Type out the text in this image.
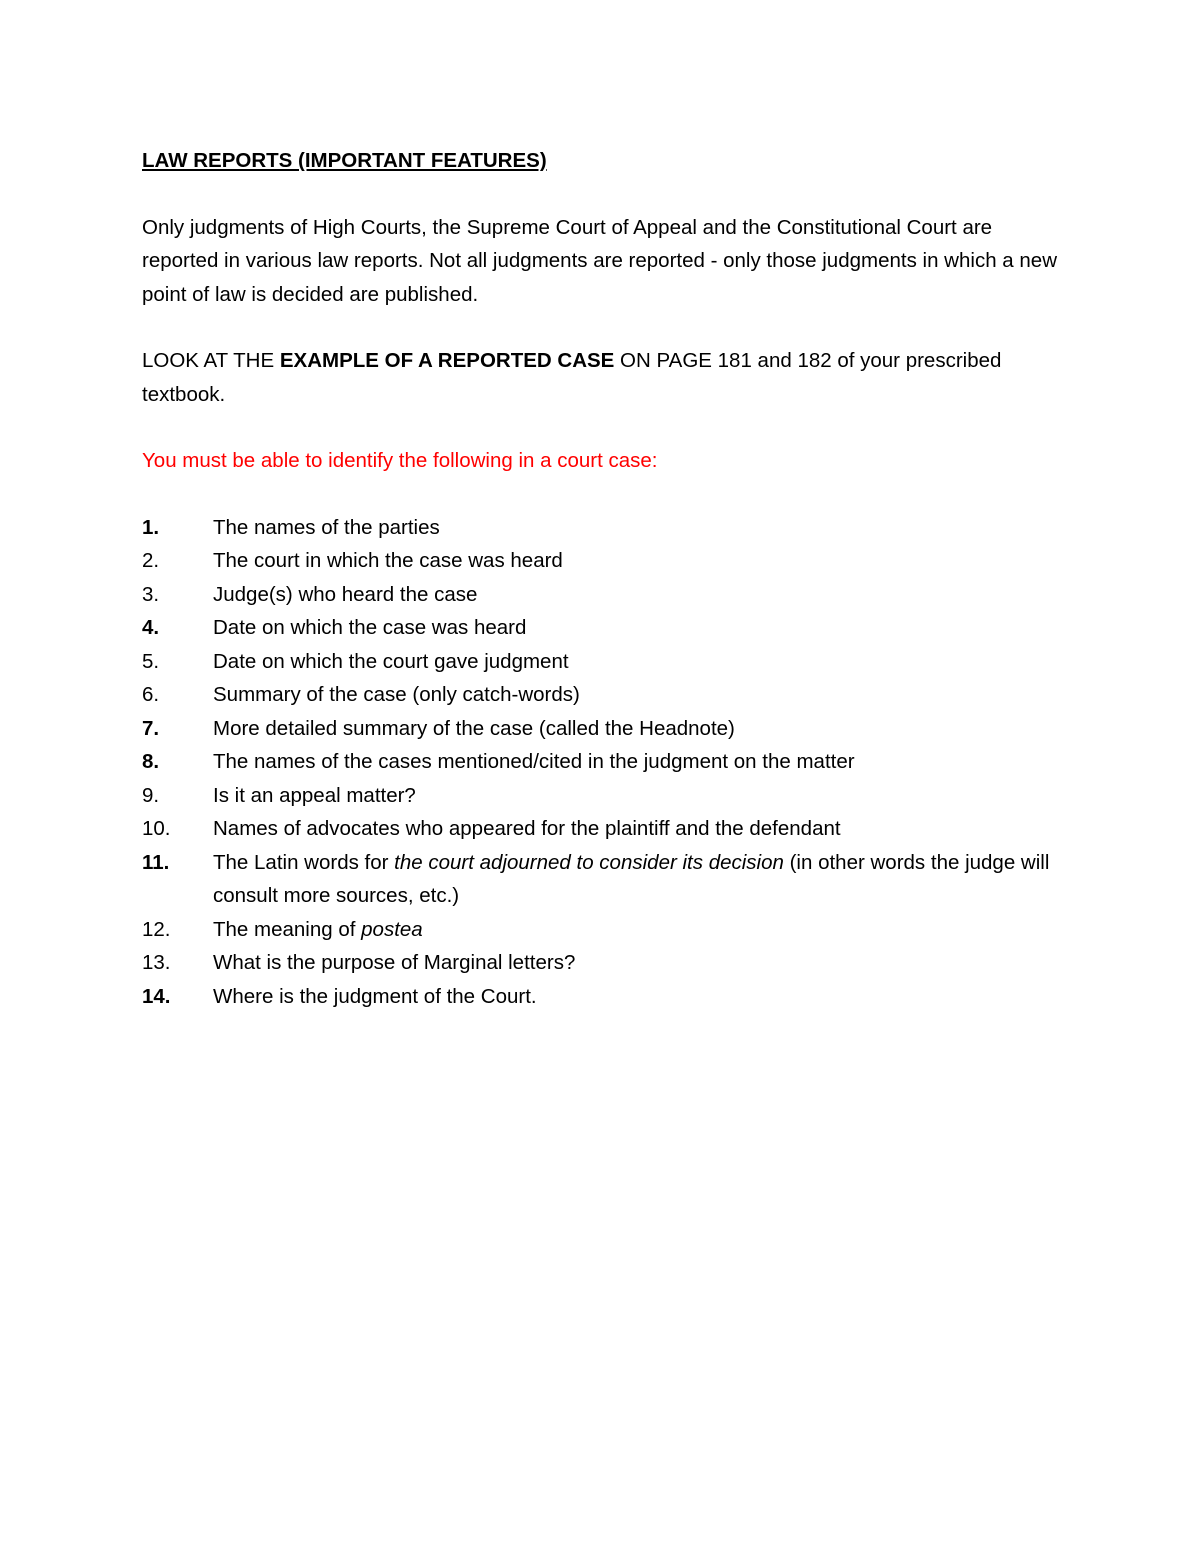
LAW REPORTS (IMPORTANT FEATURES)

Only judgments of High Courts, the Supreme Court of Appeal and the Constitutional Court are reported in various law reports. Not all judgments are reported - only those judgments in which a new point of law is decided are published.

LOOK AT THE EXAMPLE OF A REPORTED CASE ON PAGE 181 and 182 of your prescribed textbook.

You must be able to identify the following in a court case:

1.	The names of the parties
2.	The court in which the case was heard
3.	Judge(s) who heard the case
4.	Date on which the case was heard
5.	Date on which the court gave judgment
6.	Summary of the case (only catch-words)
7.	More detailed summary of the case (called the Headnote)
8.	The names of the cases mentioned/cited in the judgment on the matter
9.	Is it an appeal matter?
10.	Names of advocates who appeared for the plaintiff and the defendant
11.	The Latin words for the court adjourned to consider its decision (in other words the judge will consult more sources, etc.)
12.	The meaning of postea
13.	What is the purpose of Marginal letters?
14.	Where is the judgment of the Court.
